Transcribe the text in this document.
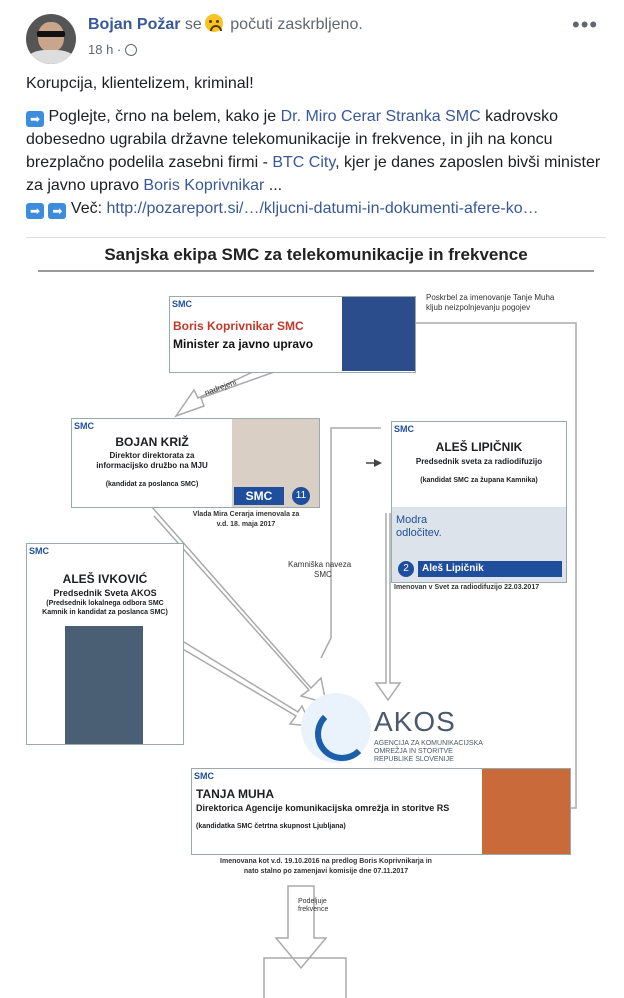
Bojan Požar se počuti zaskrbljeno.
18 h ·
•••
Korupcija, klientelizem, kriminal!
➡ Poglejte, črno na belem, kako je Dr. Miro Cerar Stranka SMC kadrovsko dobesedno ugrabila državne telekomunikacije in frekvence, in jih na koncu brezplačno podelila zasebni firmi - BTC City, kjer je danes zaposlen bivši minister za javno upravo Boris Koprivnikar ...
➡ ➡ Več: http://pozareport.si/…/kljucni-datumi-in-dokumenti-afere-ko…
Sanjska ekipa SMC za telekomunikacije in frekvence
SMC
Boris Koprivnikar SMC
Minister za javno upravo
Poskrbel za imenovanje Tanje Muha kljub neizpolnjevanju pogojev
nadrejeni
SMC
BOJAN KRIŽ
Direktor direktorata za
informacijsko družbo na MJU
(kandidat za poslanca SMC)
SMC	11
Vlada Mira Cerarja imenovala za
v.d. 18. maja 2017
SMC
ALEŠ LIPIČNIK
Predsednik sveta za radiodifuzijo
(kandidat SMC za župana Kamnika)
Modra
odločitev.
2	Aleš Lipičnik
Imenovan v Svet za radiodifuzijo 22.03.2017
Kamniška naveza
SMC
SMC
ALEŠ IVKOVIĆ
Predsednik Sveta AKOS
(Predsednik lokalnega odbora SMC
Kamnik in kandidat za poslanca SMC)
AKOS
AGENCIJA ZA KOMUNIKACIJSKA OMREŽJA IN STORITVE REPUBLIKE SLOVENIJE
SMC
TANJA MUHA
Direktorica Agencije komunikacijska omrežja in storitve RS
(kandidatka SMC četrtna skupnost Ljubljana)
Imenovana kot v.d. 19.10.2016 na predlog Boris Koprivnikarja in
nato stalno po zamenjavi komisije dne 07.11.2017
Podeljuje frekvence
